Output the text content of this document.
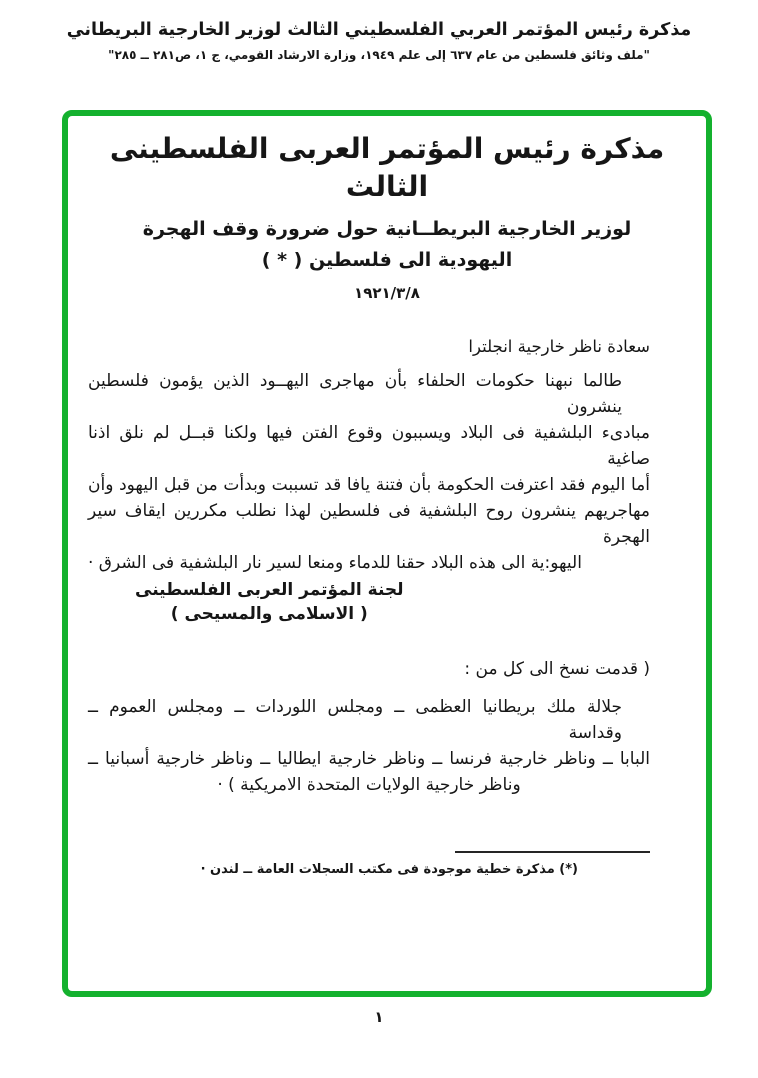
مذكرة رئيس المؤتمر العربي الفلسطيني الثالث لوزير الخارجية البريطاني
"ملف وثائق فلسطين من عام ٦٣٧ إلى علم ١٩٤٩، وزارة الارشاد القومي، ج ١، ص٢٨١ ــ ٢٨٥"
مذكرة رئيس المؤتمر العربى الفلسطينى الثالث
لوزير الخارجية البريطــانية حول ضرورة وقف الهجرة
اليهودية الى فلسطين ( * )
١٩٢١/٣/٨
سعادة ناظر خارجية انجلترا
طالما نبهنا حكومات الحلفاء بأن مهاجرى اليهــود الذين يؤمون فلسطين ينشرون
مبادىء البلشفية فى البلاد ويسببون وقوع الفتن فيها ولكنا قبــل لم نلق اذنا صاغية
أما اليوم فقد اعترفت الحكومة بأن فتنة يافا قد تسببت وبدأت من قبل اليهود وأن
مهاجريهم ينشرون روح البلشفية فى فلسطين لهذا نطلب مكررين ايقاف سير الهجرة
اليهو:ية الى هذه البلاد حقنا للدماء ومنعا لسير نار البلشفية فى الشرق ·
لجنة المؤتمر العربى الفلسطينى
( الاسلامى والمسيحى )
( قدمت نسخ الى كل من :
جلالة ملك بريطانيا العظمى ــ ومجلس اللوردات ــ ومجلس العموم ــ وقداسة
البابا ــ وناظر خارجية فرنسا ــ وناظر خارجية ايطاليا ــ وناظر خارجية أسبانيا ــ
وناظر خارجية الولايات المتحدة الامريكية ) ·
(*) مذكرة خطية موجودة فى مكتب السجلات العامة ــ لندن ·
١
